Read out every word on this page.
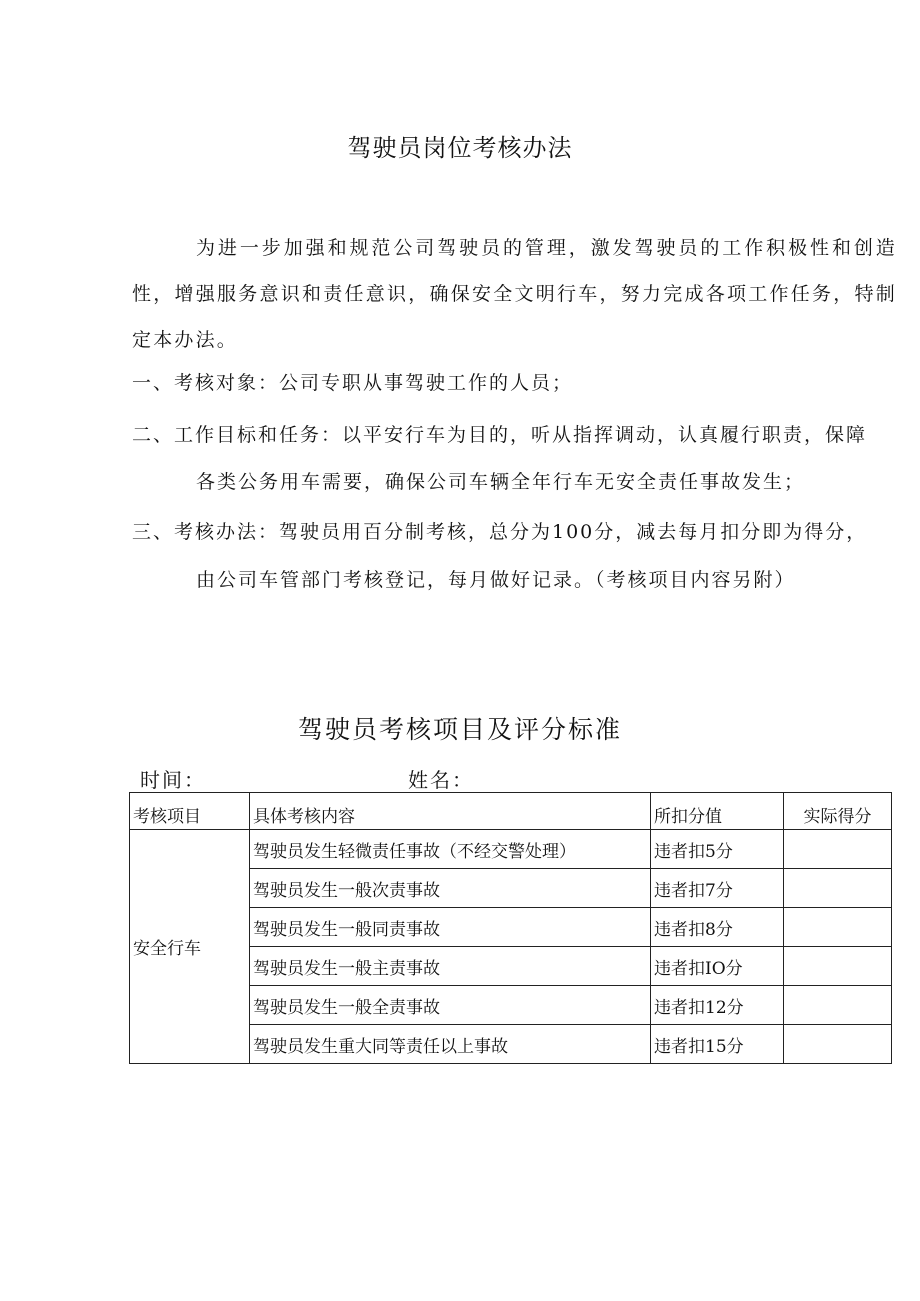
驾驶员岗位考核办法
为进一步加强和规范公司驾驶员的管理，激发驾驶员的工作积极性和创造性，增强服务意识和责任意识，确保安全文明行车，努力完成各项工作任务，特制定本办法。
一、考核对象：公司专职从事驾驶工作的人员；
二、工作目标和任务：以平安行车为目的，听从指挥调动，认真履行职责，保障
各类公务用车需要，确保公司车辆全年行车无安全责任事故发生；
三、考核办法：驾驶员用百分制考核，总分为100分，减去每月扣分即为得分，
由公司车管部门考核登记，每月做好记录。（考核项目内容另附）
驾驶员考核项目及评分标准
时间：	姓名：
考核项目	具体考核内容	所扣分值	实际得分
安全行车	驾驶员发生轻微责任事故（不经交警处理）	违者扣5分	
	驾驶员发生一般次责事故	违者扣7分	
	驾驶员发生一般同责事故	违者扣8分	
	驾驶员发生一般主责事故	违者扣IO分	
	驾驶员发生一般全责事故	违者扣12分	
	驾驶员发生重大同等责任以上事故	违者扣15分	
